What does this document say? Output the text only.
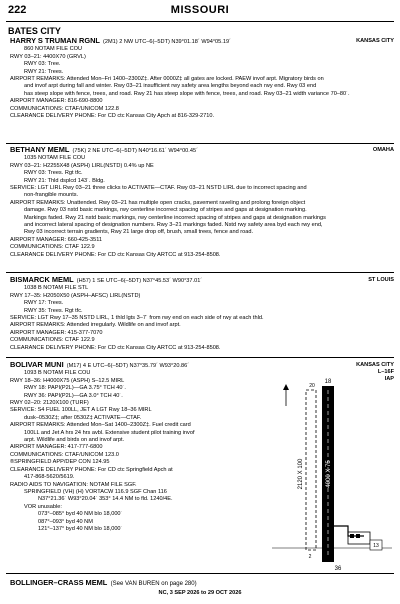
222	MISSOURI
BATES CITY
HARRY S TRUMAN RGNL (2M1) 2 NW UTC–6(–5DT) N39°01.18´ W94°05.19´
860 NOTAM FILE COU
RWY 03–21: 4400X70 (GRVL)
RWY 03: Tree.
RWY 21: Trees.
AIRPORT REMARKS: Attended Mon–Fri 1400–2300Z‡. After 0000Z‡ all gates are locked. PAEW invof arpt. Migratory birds on
and invof arpt during fall and winter. Rwy 03–21 insufficient rwy safety area lengths beyond each rwy end. Rwy 03 end
has steep slope with fence, trees, and road. Rwy 21 has steep slope with fence, trees, and road. Rwy 03–21 width variance 70–80´.
AIRPORT MANAGER: 816-690-8800
COMMUNICATIONS: CTAF/UNICOM 122.8
CLEARANCE DELIVERY PHONE: For CD ctc Kansas City Apch at 816-329-2710.
KANSAS CITY
BETHANY MEML (75K) 2 NE UTC–6(–5DT) N40°16.61´ W94°00.45´
1035 NOTAM FILE COU
RWY 03–21: H2255X48 (ASPH) LIRL(NSTD) 0.4% up NE
RWY 03: Trees. Rgt tfc.
RWY 21: Thld dsplcd 143´. Bldg.
SERVICE: LGT LIRL Rwy 03–21 three clicks to ACTIVATE—CTAF. Rwy 03–21 NSTD LIRL due to incorrect spacing and
non-frangible mounts.
AIRPORT REMARKS: Unattended. Rwy 03–21 has multiple open cracks, pavement raveling and prolong foreign object
damage. Rwy 03 nstd basic markings, rwy centerline incorrect spacing of stripes and gaps at designation marking.
Markings faded. Rwy 21 nstd basic markings, rwy centerline incorrect spacing of stripes and gaps at designation markings
and incorrect lateral spacing of designation numbers. Rwy 3–21 markings faded. Nstd rwy safety area byd each rwy end,
Rwy 03 incorrect terrain gradients, Rwy 21 large drop off, brush, small trees, fence and road.
AIRPORT MANAGER: 660-425-3511
COMMUNICATIONS: CTAF 122.9
CLEARANCE DELIVERY PHONE: For CD ctc Kansas City ARTCC at 913-254-8508.
OMAHA
BISMARCK MEML (H57) 1 SE UTC–6(–5DT) N37°45.53´ W90°37.01´
1038 B NOTAM FILE STL
RWY 17–35: H2050X50 (ASPH–AFSC) LIRL(NSTD)
RWY 17: Trees.
RWY 35: Trees. Rgt tfc.
SERVICE: LGT Rwy 17–35 NSTD LIRL, 1 thld lgts 3–7´ from rwy end on each side of rwy at each thld.
AIRPORT REMARKS: Attended irregularly. Wildlife on and invof arpt.
AIRPORT MANAGER: 415-377-7070
COMMUNICATIONS: CTAF 122.9
CLEARANCE DELIVERY PHONE: For CD ctc Kansas City ARTCC at 913-254-8508.
ST LOUIS
BOLIVAR MUNI (M17) 4 E UTC–6(–5DT) N37°35.79´ W93°20.86´
1093 B NOTAM FILE COU
RWY 18–36: H4000X75 (ASPH) S–12.5 MIRL
RWY 18: PAPI(P2L)—GA 3.75° TCH 40´.
RWY 36: PAPI(P2L)—GA 3.0° TCH 40´.
RWY 02–20: 2120X100 (TURF)
SERVICE: S4 FUEL 100LL, JET A LGT Rwy 18–36 MIRL
dusk–0530Z‡; after 0530Z‡ ACTIVATE—CTAF.
AIRPORT REMARKS: Attended Mon–Sat 1400–2300Z‡. Fuel credit card
100LL and Jet A hrs 24 hrs avbl. Extensive student pilot training invof
arpt. Wildlife and birds on and invof arpt.
AIRPORT MANAGER: 417-777-6800
COMMUNICATIONS: CTAF/UNICOM 123.0
®SPRINGFIELD APP/DEP CON 124.95
CLEARANCE DELIVERY PHONE: For CD ctc Springfield Apch at
417-868-5620/5619.
RADIO AIDS TO NAVIGATION: NOTAM FILE SGF.
SPRINGFIELD (VH) (H) VORTACW 116.9 SGF Chan 116
N37°21.36´ W93°20.04´ 353° 14.4 NM to fld. 1240/4E.
VOR unusable:
073°–085° byd 40 NM blo 18,000´
087°–093° byd 40 NM
121°–137° byd 40 NM blo 18,000´
KANSAS CITY
L–16F
IAP
13
4000 X 75
2120 X 100
18
36
2
20
BOLLINGER–CRASS MEML (See VAN BUREN on page 280)
NC, 3 SEP 2026 to 29 OCT 2026
